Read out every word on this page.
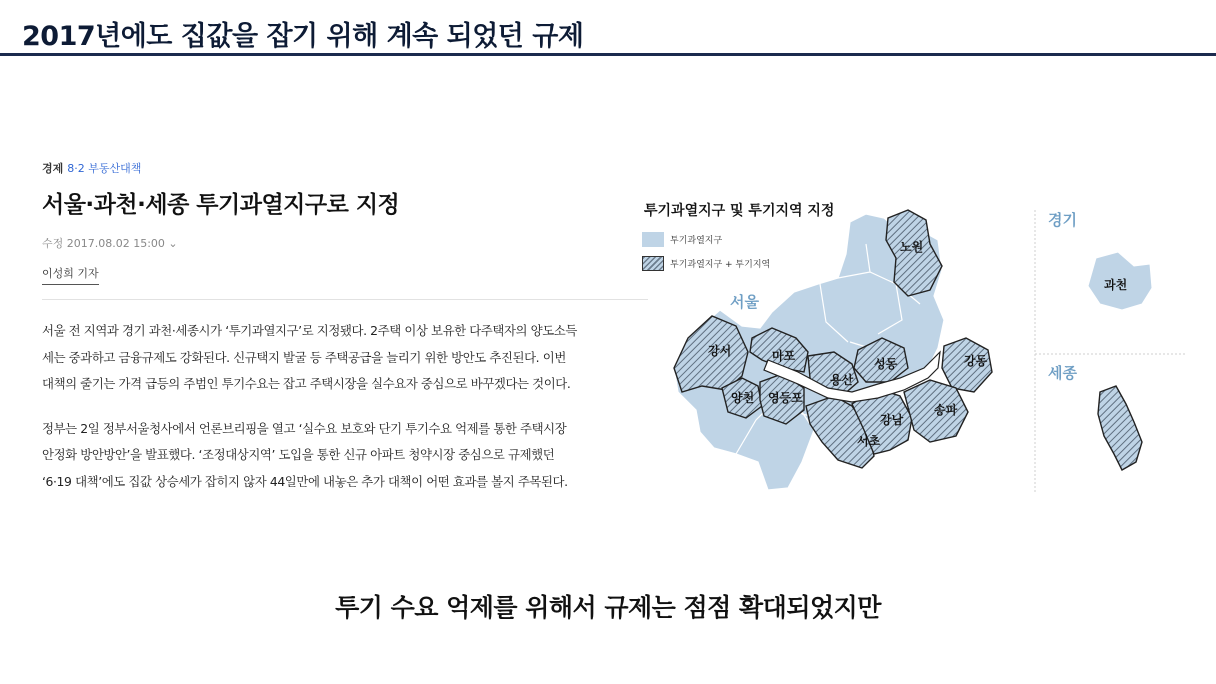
2017년에도 집값을 잡기 위해 계속 되었던 규제
경제 8·2 부동산대책
서울·과천·세종 투기과열지구로 지정
수정 2017.08.02 15:00 ⌄
이성희 기자
서울 전 지역과 경기 과천·세종시가 ‘투기과열지구’로 지정됐다. 2주택 이상 보유한 다주택자의 양도소득
세는 중과하고 금융규제도 강화된다. 신규택지 발굴 등 주택공급을 늘리기 위한 방안도 추진된다. 이번
대책의 줄기는 가격 급등의 주범인 투기수요는 잡고 주택시장을 실수요자 중심으로 바꾸겠다는 것이다.
정부는 2일 정부서울청사에서 언론브리핑을 열고 ‘실수요 보호와 단기 투기수요 억제를 통한 주택시장
안정화 방안방안’을 발표했다. ‘조정대상지역’ 도입을 통한 신규 아파트 청약시장 중심으로 규제했던
‘6·19 대책’에도 집값 상승세가 잡히지 않자 44일만에 내놓은 추가 대책이 어떤 효과를 볼지 주목된다.
투기과열지구 및 투기지역 지정
투기과열지구
투기과열지구 + 투기지역
서울
경기
세종
노원
강서	마포
성동	강동
용산
양천 영등포
강남
송파
서초
과천
투기 수요 억제를 위해서 규제는 점점 확대되었지만
